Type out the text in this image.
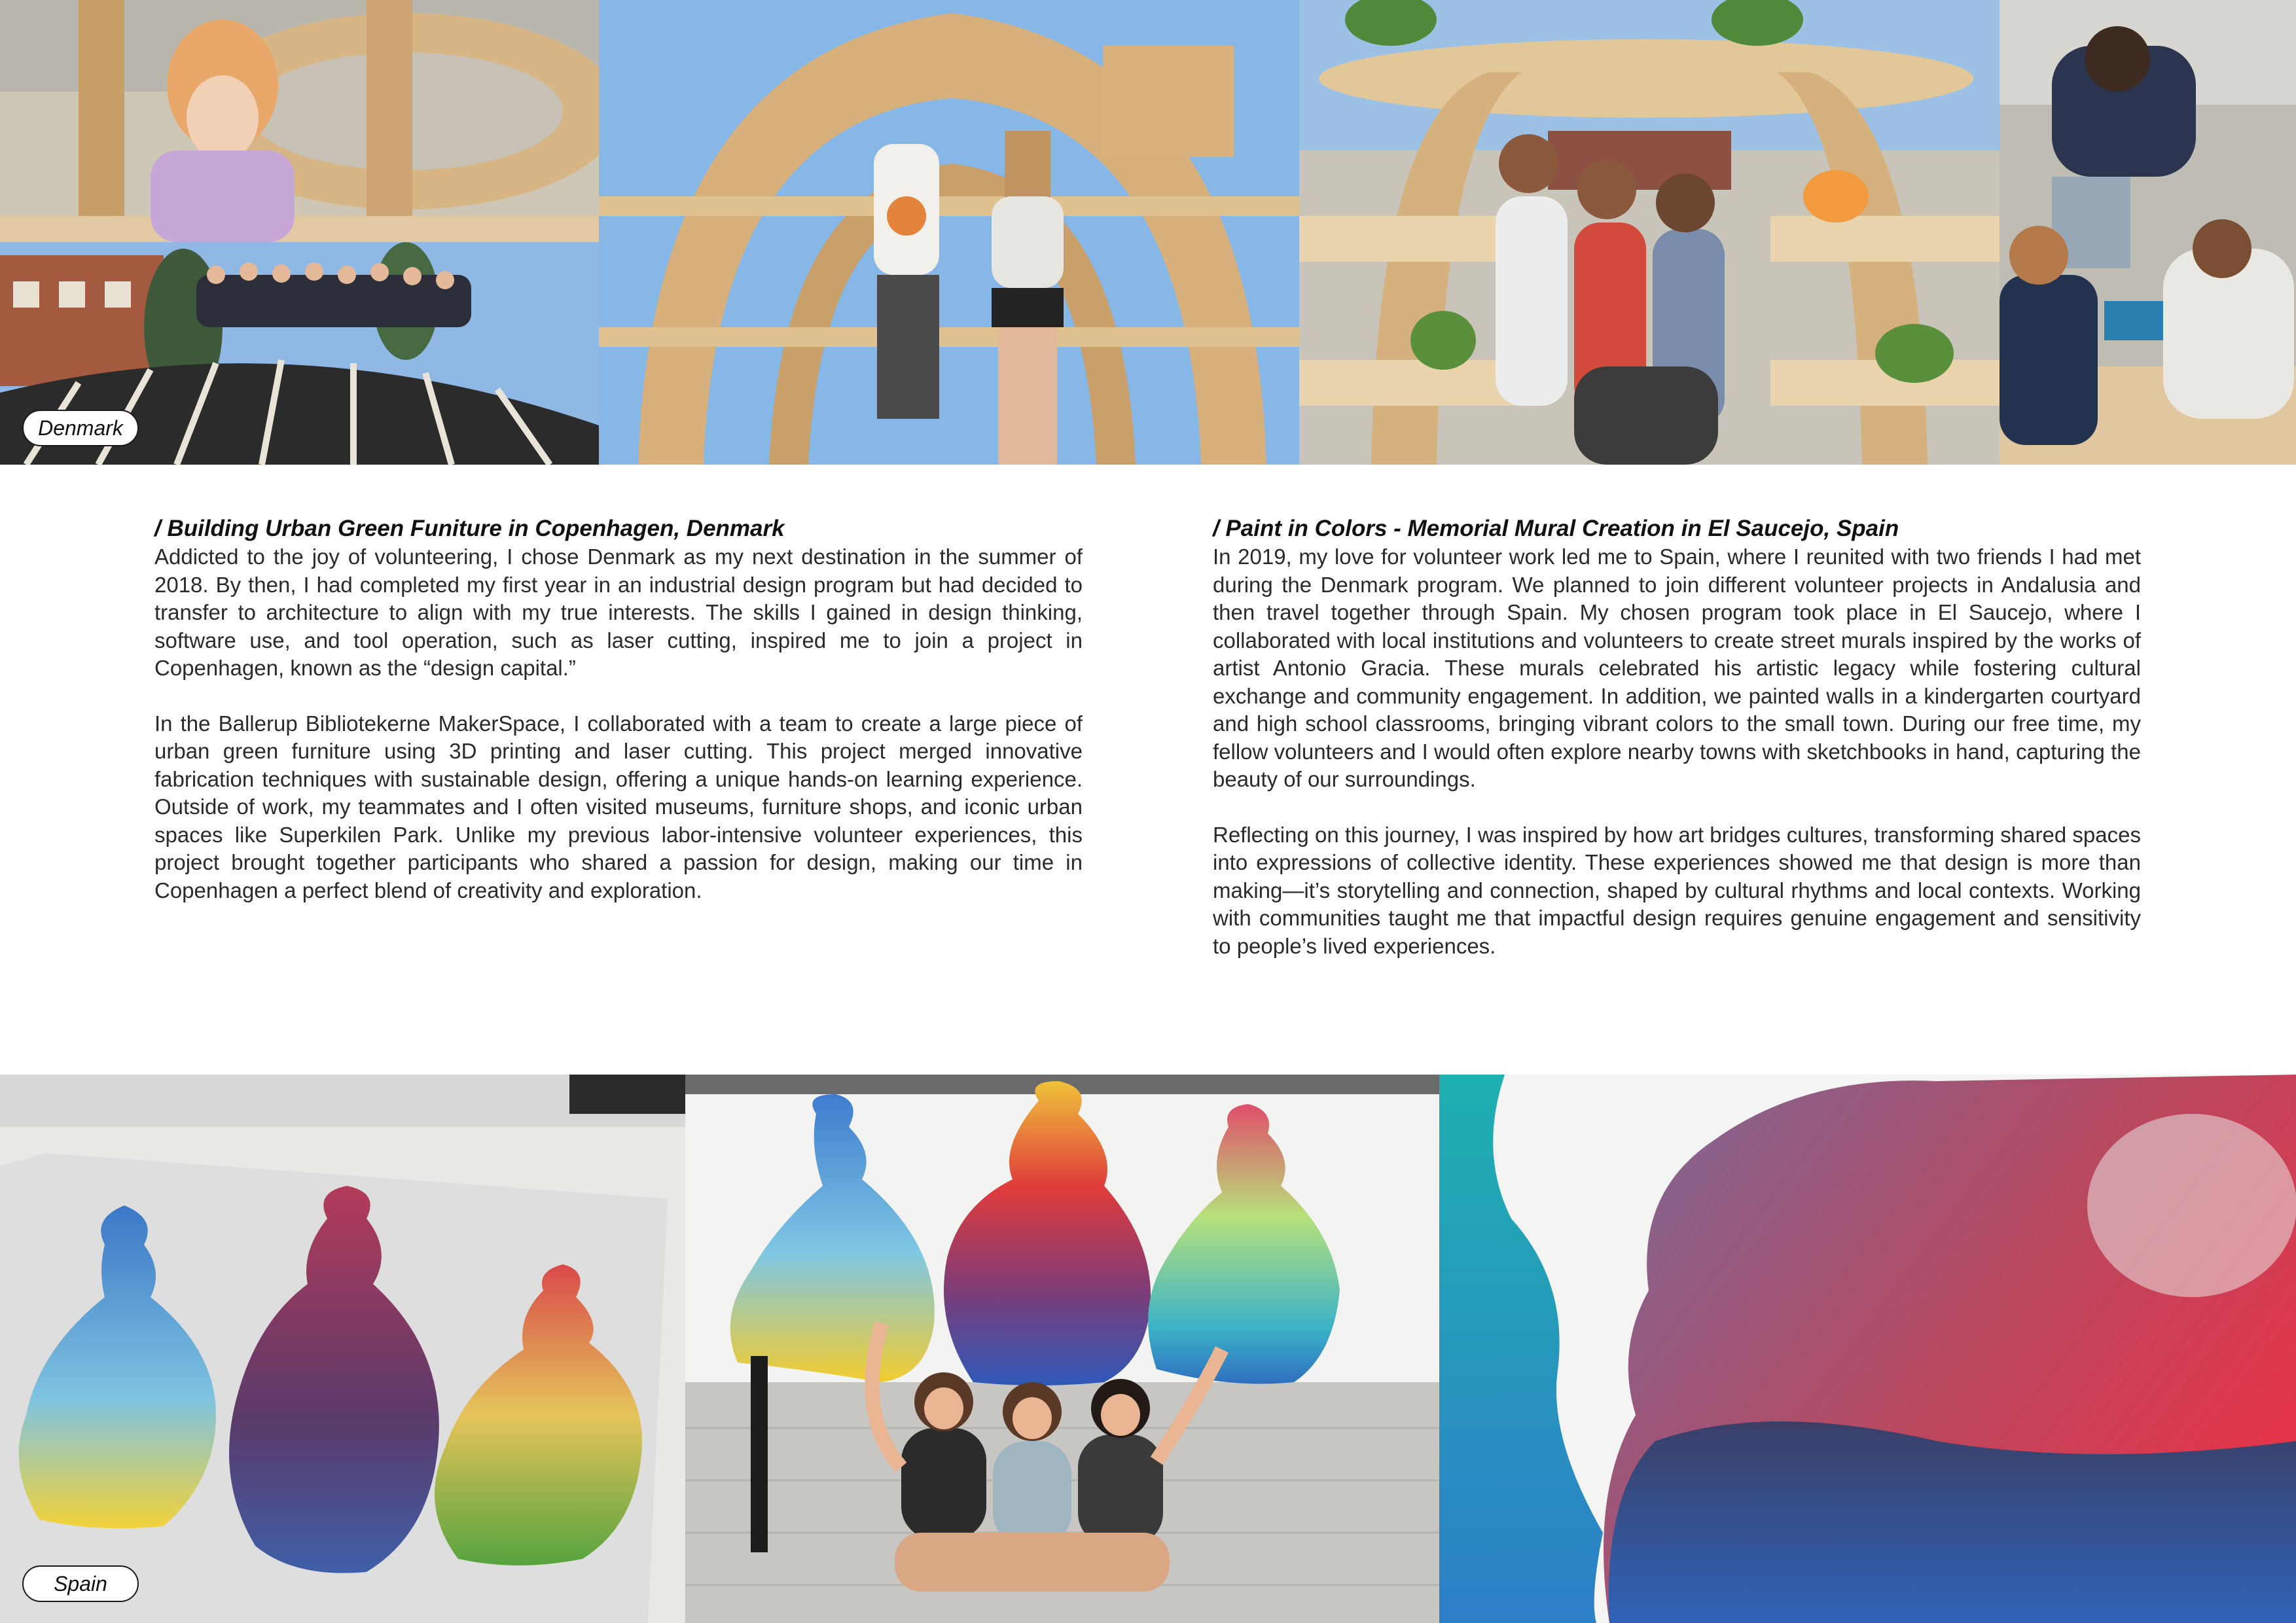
Denmark

/ Building Urban Green Funiture in Copenhagen, Denmark

Addicted to the joy of volunteering, I chose Denmark as my next destination in the summer of 2018. By then, I had completed my first year in an industrial design program but had decided to transfer to architecture to align with my true interests. The skills I gained in design thinking, software use, and tool operation, such as laser cutting, inspired me to join a project in Copenhagen, known as the “design capital.”

In the Ballerup Bibliotekerne MakerSpace, I collaborated with a team to create a large piece of urban green furniture using 3D printing and laser cutting. This project merged innovative fabrication techniques with sustainable design, offering a unique hands-on learning experience. Outside of work, my teammates and I often visited museums, furniture shops, and iconic urban spaces like Superkilen Park. Unlike my previous labor-intensive volunteer experiences, this project brought together participants who shared a passion for design, making our time in Copenhagen a perfect blend of creativity and exploration.

/ Paint in Colors - Memorial Mural Creation in El Saucejo, Spain

In 2019, my love for volunteer work led me to Spain, where I reunited with two friends I had met during the Denmark program. We planned to join different volunteer projects in Andalusia and then travel together through Spain. My chosen program took place in El Saucejo, where I collaborated with local institutions and volunteers to create street murals inspired by the works of artist Antonio Gracia. These murals celebrated his artistic legacy while fostering cultural exchange and community engagement. In addition, we painted walls in a kindergarten courtyard and high school classrooms, bringing vibrant colors to the small town. During our free time, my fellow volunteers and I would often explore nearby towns with sketchbooks in hand, capturing the beauty of our surroundings.

Reflecting on this journey, I was inspired by how art bridges cultures, transforming shared spaces into expressions of collective identity. These experiences showed me that design is more than making—it’s storytelling and connection, shaped by cultural rhythms and local contexts. Working with communities taught me that impactful design requires genuine engagement and sensitivity to people’s lived experiences.

Spain
